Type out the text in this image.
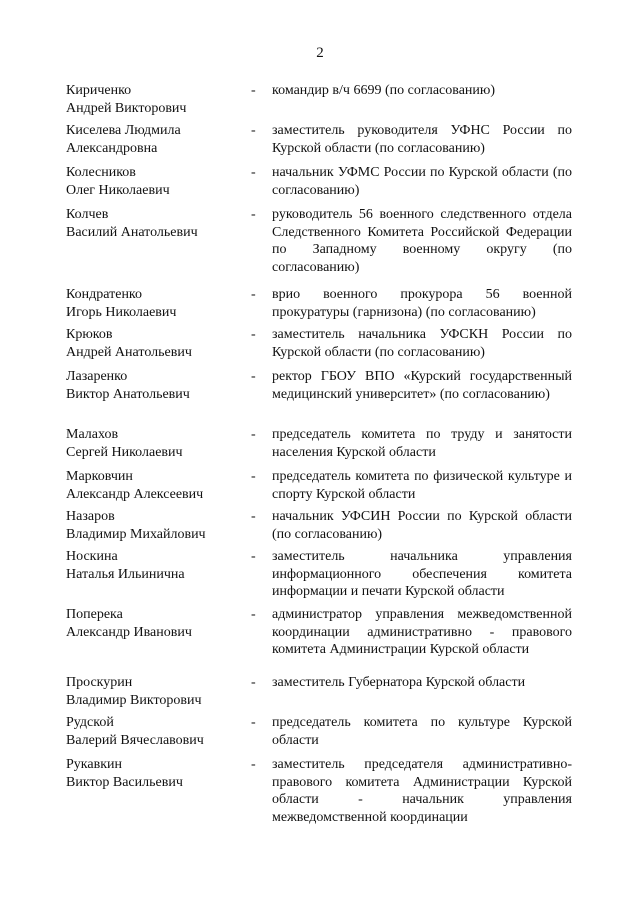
2
Кириченко
Андрей Викторович
- командир в/ч 6699 (по согласованию)
Киселева Людмила
Александровна
- заместитель руководителя УФНС России по Курской области (по согласованию)
Колесников
Олег Николаевич
- начальник УФМС России по Курской области (по согласованию)
Колчев
Василий Анатольевич
- руководитель 56 военного следственного отдела Следственного Комитета Российской Федерации по Западному военному округу (по согласованию)
Кондратенко
Игорь Николаевич
- врио военного прокурора 56 военной прокуратуры (гарнизона) (по согласованию)
Крюков
Андрей Анатольевич
- заместитель начальника УФСКН России по Курской области (по согласованию)
Лазаренко
Виктор Анатольевич
- ректор ГБОУ ВПО «Курский государственный медицинский университет» (по согласованию)
Малахов
Сергей Николаевич
- председатель комитета по труду и занятости населения Курской области
Марковчин
Александр Алексеевич
- председатель комитета по физической культуре и спорту Курской области
Назаров
Владимир Михайлович
- начальник УФСИН России по Курской области (по согласованию)
Носкина
Наталья Ильинична
- заместитель начальника управления информационного обеспечения комитета информации и печати Курской области
Поперека
Александр Иванович
- администратор управления межведомственной координации административно - правового комитета Администрации Курской области
Проскурин
Владимир Викторович
- заместитель Губернатора Курской области
Рудской
Валерий Вячеславович
- председатель комитета по культуре Курской области
Рукавкин
Виктор Васильевич
- заместитель председателя административно-правового комитета Администрации Курской области - начальник управления межведомственной координации
